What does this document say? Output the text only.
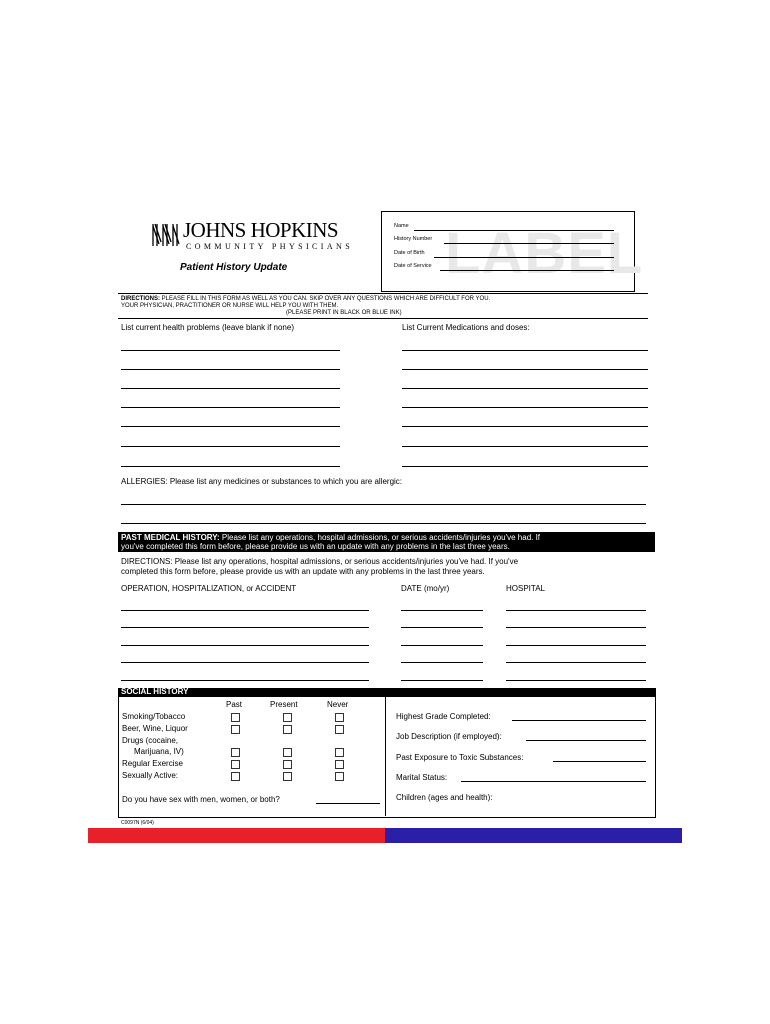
JOHNS HOPKINS
COMMUNITY PHYSICIANS
Patient History Update	LABEL
Name
History Number
Date of Birth
Date of Service
DIRECTIONS: PLEASE FILL IN THIS FORM AS WELL AS YOU CAN. SKIP OVER ANY QUESTIONS WHICH ARE DIFFICULT FOR YOU.
YOUR PHYSICIAN, PRACTITIONER OR NURSE WILL HELP YOU WITH THEM.
(PLEASE PRINT IN BLACK OR BLUE INK)
List current health problems (leave blank if none)	List Current Medications and doses:
ALLERGIES: Please list any medicines or substances to which you are allergic:
PAST MEDICAL HISTORY: Please list any operations, hospital admissions, or serious accidents/injuries you've had. If
you've completed this form before, please provide us with an update with any problems in the last three years.
DIRECTIONS: Please list any operations, hospital admissions, or serious accidents/injuries you've had. If you've
completed this form before, please provide us with an update with any problems in the last three years.
OPERATION, HOSPITALIZATION, or ACCIDENT	DATE (mo/yr)	HOSPITAL
SOCIAL HISTORY
Past	Present	Never
Smoking/Tobacco
Beer, Wine, Liquor
Drugs (cocaine,
Marijuana, IV)
Regular Exercise
Sexually Active:
Do you have sex with men, women, or both?
Highest Grade Completed:
Job Description (if employed):
Past Exposure to Toxic Substances:
Marital Status:
Children (ages and health):
C0097N (6/04)
